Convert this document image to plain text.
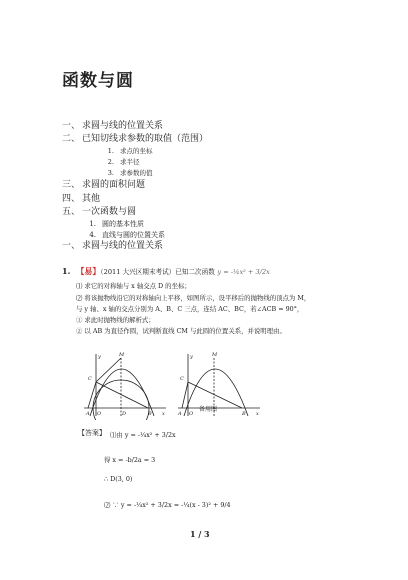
函数与圆
一、 求圆与线的位置关系
二、 已知切线求参数的取值（范围）
1. 求点的坐标
2. 求半径
3. 求参数的值
三、 求圆的面积问题
四、 其他
五、 一次函数与圆
1. 圆的基本性质
4. 直线与圆的位置关系
一、 求圆与线的位置关系
1. 【易】（2011 大兴区期末考试）已知二次函数 y = -¼x² + 3/2x
⑴ 求它的对称轴与 x 轴交点 D 的坐标；
⑵ 将该抛物线沿它的对称轴向上平移，如图所示，设平移后的抛物线的顶点为 M，
与 y 轴、x 轴的交点分别为 A、B、C 三点，连结 AC、BC，若∠ACB = 90°，
① 求此时抛物线的解析式；
② 以 AB 为直径作圆，试判断直线 CM 与此圆的位置关系，并说明理由。
M
C
A O	D	B x
y	M
C
A O	B x
y
备用图
【答案】 ⑴由 y = -¼x² + 3/2x
得 x = -b/2a = 3
∴ D(3, 0)
⑵ ∵ y = -¼x² + 3/2x = -¼(x - 3)² + 9/4
1 / 3
